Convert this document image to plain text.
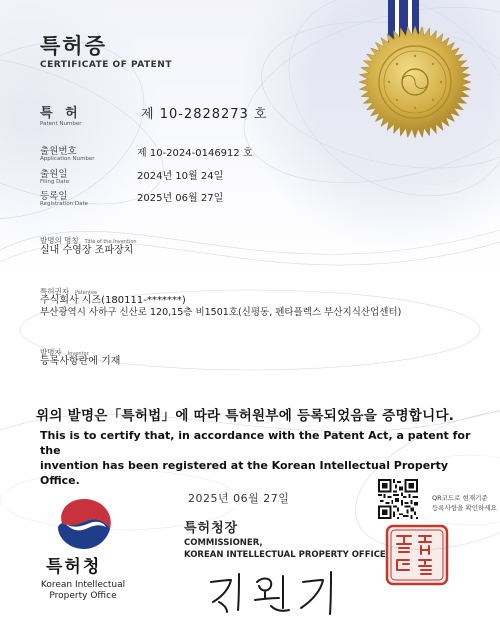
특허증
CERTIFICATE OF PATENT
특 허
Patent Number
제 10-2828273 호
출원번호
Application Number	제 10-2024-0146912 호
출원일
Filing Date	2024년 10월 24일
등록일
Registration Date	2025년 06월 27일
발명의 명칭 Title of the Invention
실내 수영장 조파장치
특허권자 Patentee
주식회사 시즈(180111-*******)
부산광역시 사하구 신산로 120,15층 비1501호(신평동, 펜타플렉스 부산지식산업센터)
발명자 Inventor
등록사항란에 기재
위의 발명은「특허법」에 따라 특허원부에 등록되었음을 증명합니다.
This is to certify that, in accordance with the Patent Act, a patent for the
invention has been registered at the Korean Intellectual Property Office.
2025년 06월 27일
특허청장
COMMISSIONER,
KOREAN INTELLECTUAL PROPERTY OFFICE
특허청
Korean Intellectual
Property Office
QR코드로 현재기준
등록사항을 확인하세요
